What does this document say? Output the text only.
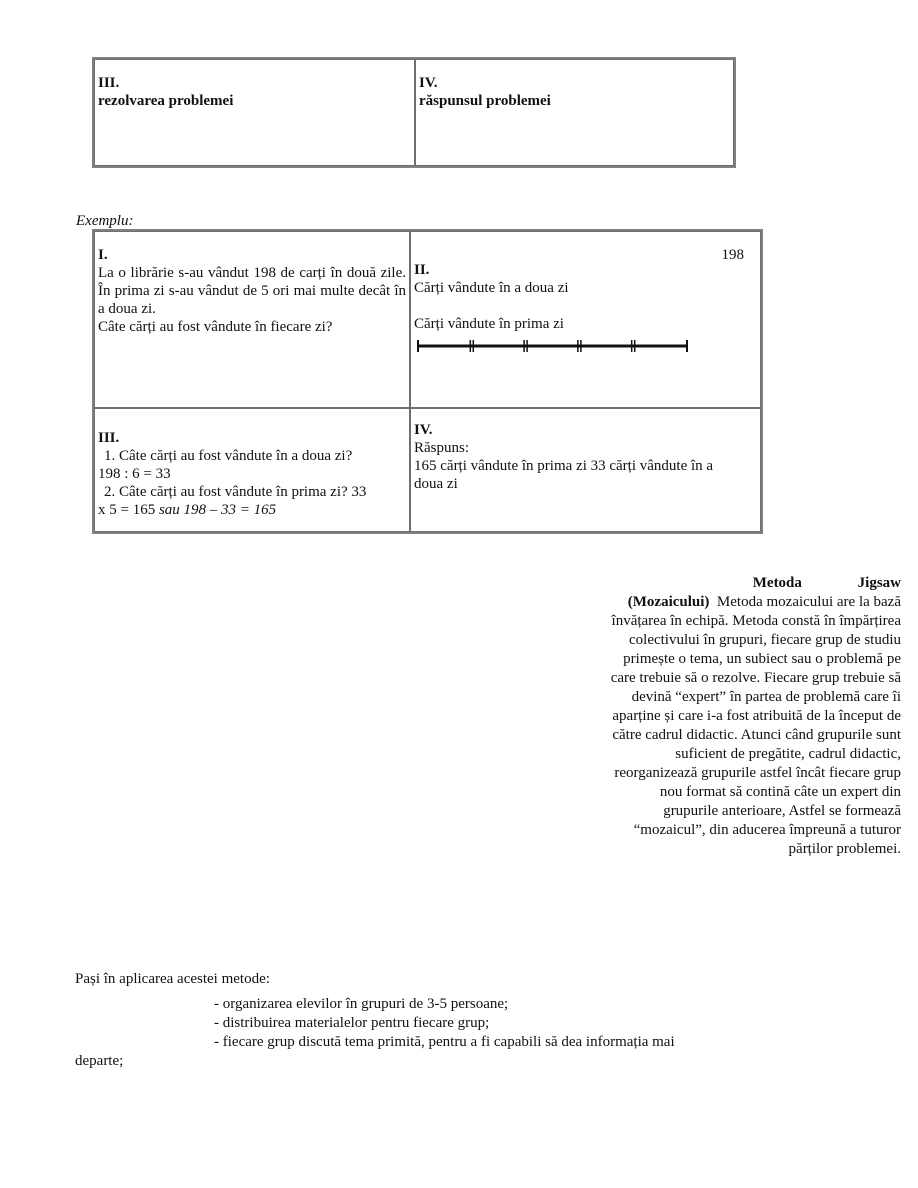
III.
rezolvarea problemei
IV.
răspunsul problemei
Exemplu:
I.
La o librărie s-au vândut 198 de carți în două zile. În prima zi s-au vândut de 5 ori mai multe decât în a doua zi.
Câte cărți au fost vândute în fiecare zi?
198
II.
Cărți vândute în a doua zi
Cărți vândute în prima zi
III.
1. Câte cărți au fost vândute în a doua zi?
198 : 6 = 33
2. Câte cărți au fost vândute în prima zi? 33
x 5 = 165 sau 198 – 33 = 165
IV.
Răspuns:
165 cărți vândute în prima zi 33 cărți vândute în a doua zi
Metoda Jigsaw
(Mozaicului) Metoda mozaicului are la bază învățarea în echipă. Metoda constă în împărțirea colectivului în grupuri, fiecare grup de studiu primește o tema, un subiect sau o problemă pe care trebuie să o rezolve. Fiecare grup trebuie să devină “expert” în partea de problemă care îi aparține și care i-a fost atribuită de la început de către cadrul didactic. Atunci când grupurile sunt suficient de pregătite, cadrul didactic, reorganizează grupurile astfel încât fiecare grup nou format să contină câte un expert din grupurile anterioare, Astfel se formează “mozaicul”, din aducerea împreună a tuturor părților problemei.
Pași în aplicarea acestei metode:
- organizarea elevilor în grupuri de 3-5 persoane;
- distribuirea materialelor pentru fiecare grup;
- fiecare grup discută tema primită, pentru a fi capabili să dea informația mai
departe;
